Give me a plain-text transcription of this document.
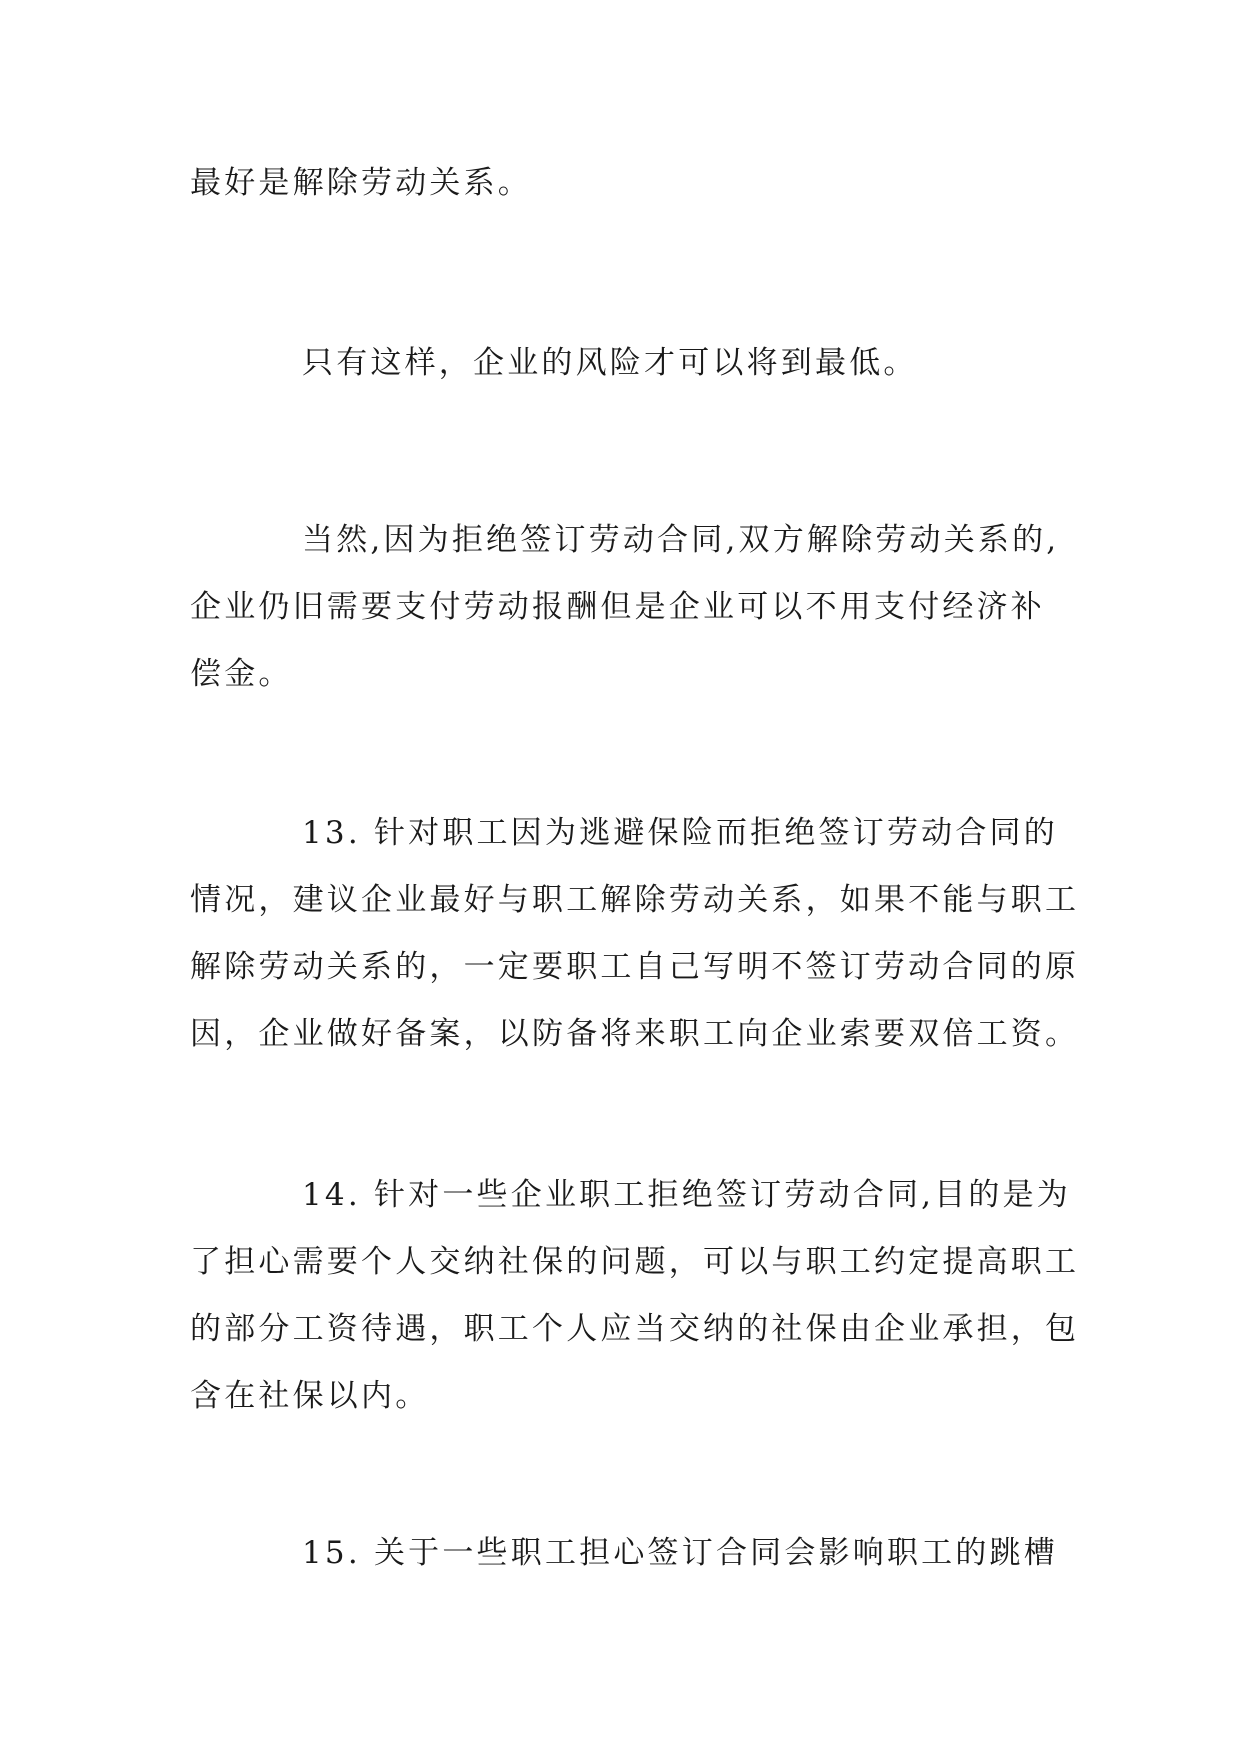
最好是解除劳动关系。
只有这样，企业的风险才可以将到最低。
当然,因为拒绝签订劳动合同,双方解除劳动关系的,
企业仍旧需要支付劳动报酬但是企业可以不用支付经济补
偿金。
13. 针对职工因为逃避保险而拒绝签订劳动合同的
情况，建议企业最好与职工解除劳动关系，如果不能与职工
解除劳动关系的，一定要职工自己写明不签订劳动合同的原
因，企业做好备案，以防备将来职工向企业索要双倍工资。
14. 针对一些企业职工拒绝签订劳动合同,目的是为
了担心需要个人交纳社保的问题，可以与职工约定提高职工
的部分工资待遇，职工个人应当交纳的社保由企业承担，包
含在社保以内。
15. 关于一些职工担心签订合同会影响职工的跳槽
